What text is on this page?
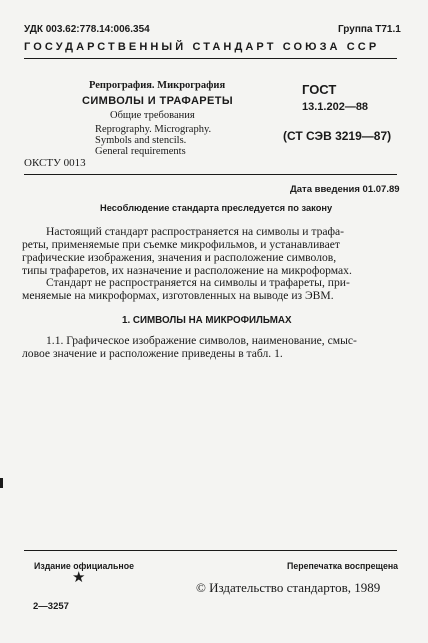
УДК 003.62:778.14:006.354	Группа Т71.1
ГОСУДАРСТВЕННЫЙ СТАНДАРТ СОЮЗА ССР
Репрография. Микрография
СИМВОЛЫ И ТРАФАРЕТЫ
Общие требования
Reprography. Micrography.
Symbols and stencils.
General requirements
ГОСТ
13.1.202—88
(СТ СЭВ 3219—87)
ОКСТУ 0013
Дата введения 01.07.89
Несоблюдение стандарта преследуется по закону
Настоящий стандарт распространяется на символы и трафа-
реты, применяемые при съемке микрофильмов, и устанавливает
графические изображения, значения и расположение символов,
типы трафаретов, их назначение и расположение на микроформах.
Стандарт не распространяется на символы и трафареты, при-
меняемые на микроформах, изготовленных на выводе из ЭВМ.
1. СИМВОЛЫ НА МИКРОФИЛЬМАХ
1.1. Графическое изображение символов, наименование, смыс-
ловое значение и расположение приведены в табл. 1.
Издание официальное
★
Перепечатка воспрещена
© Издательство стандартов, 1989
2—3257
